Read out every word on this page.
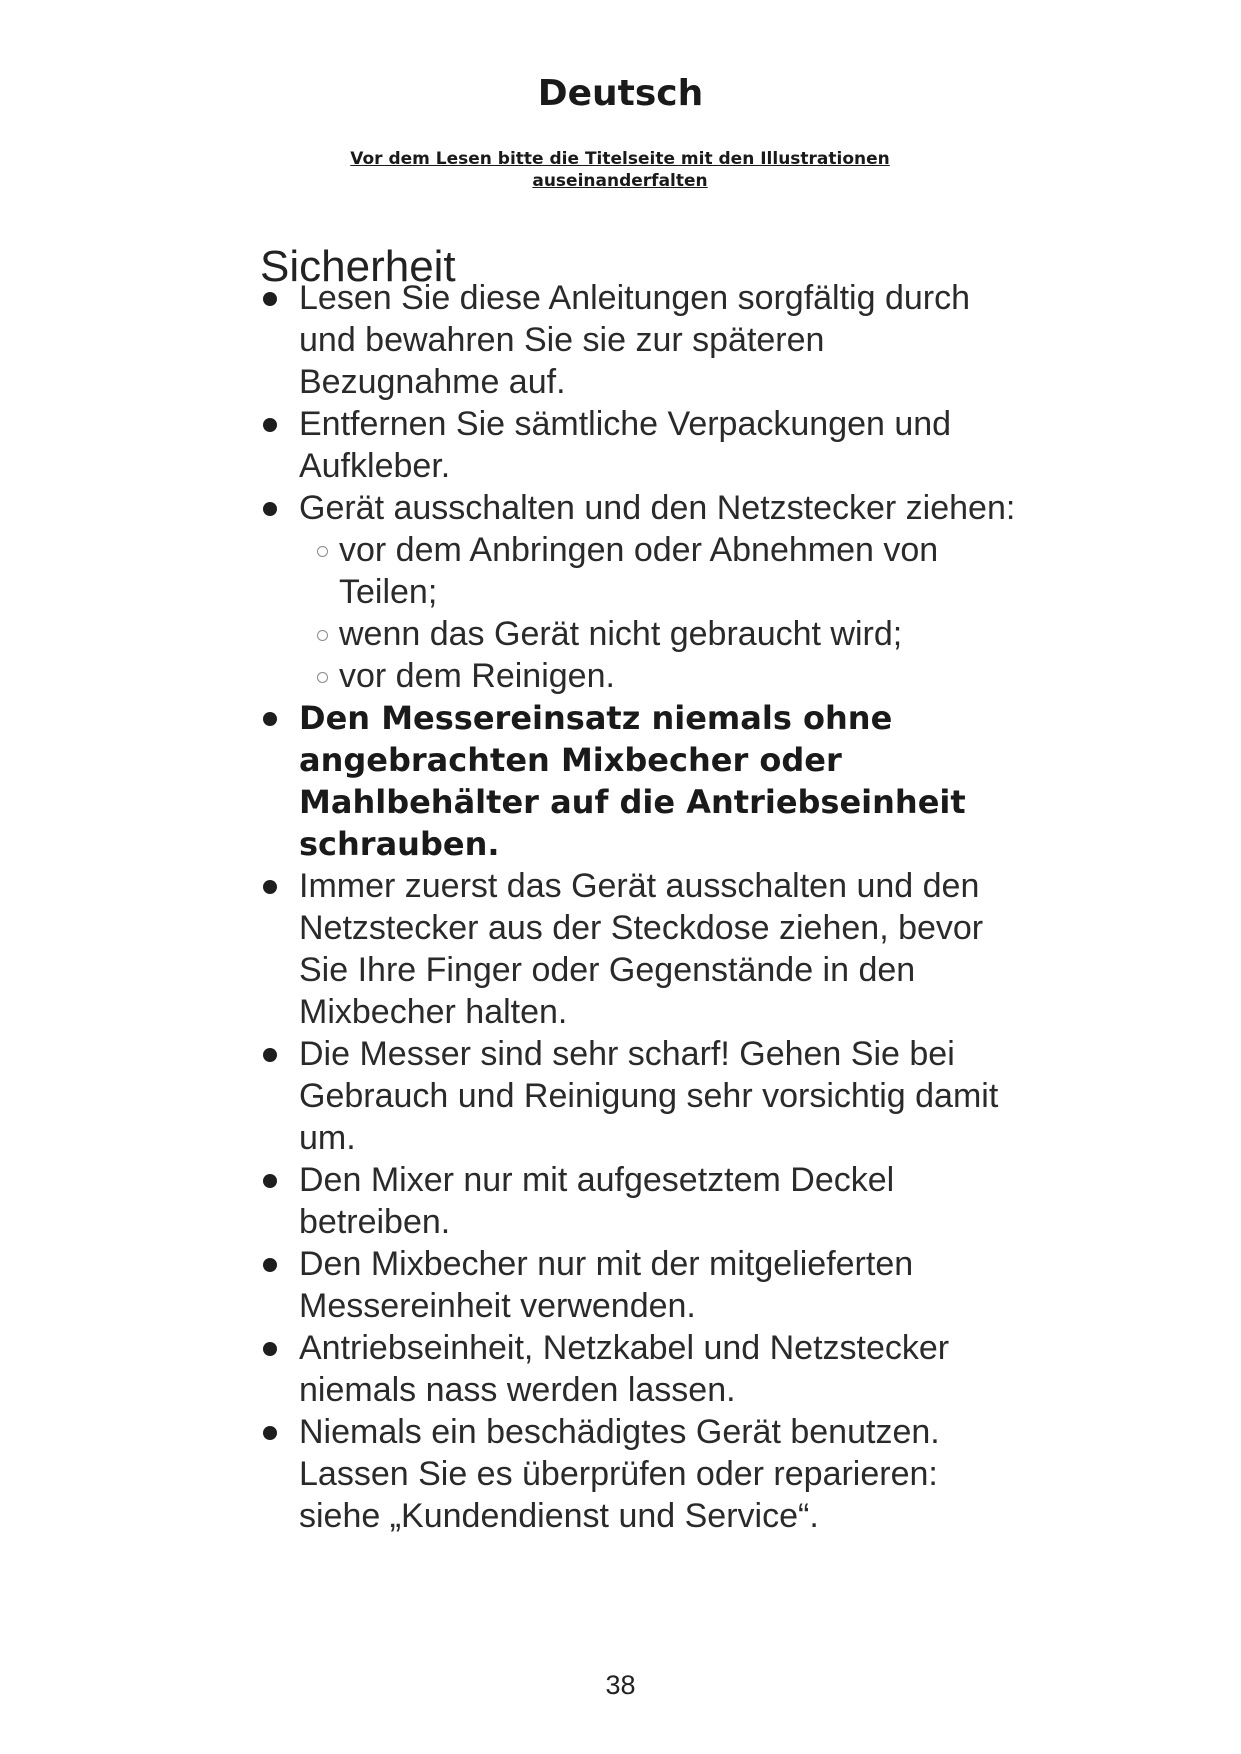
Deutsch
Vor dem Lesen bitte die Titelseite mit den Illustrationen auseinanderfalten
Sicherheit
Lesen Sie diese Anleitungen sorgfältig durch und bewahren Sie sie zur späteren Bezugnahme auf.
Entfernen Sie sämtliche Verpackungen und Aufkleber.
Gerät ausschalten und den Netzstecker ziehen:
vor dem Anbringen oder Abnehmen von Teilen;
wenn das Gerät nicht gebraucht wird;
vor dem Reinigen.
Den Messereinsatz niemals ohne angebrachten Mixbecher oder Mahlbehälter auf die Antriebseinheit schrauben.
Immer zuerst das Gerät ausschalten und den Netzstecker aus der Steckdose ziehen, bevor Sie Ihre Finger oder Gegenstände in den Mixbecher halten.
Die Messer sind sehr scharf! Gehen Sie bei Gebrauch und Reinigung sehr vorsichtig damit um.
Den Mixer nur mit aufgesetztem Deckel betreiben.
Den Mixbecher nur mit der mitgelieferten Messereinheit verwenden.
Antriebseinheit, Netzkabel und Netzstecker niemals nass werden lassen.
Niemals ein beschädigtes Gerät benutzen. Lassen Sie es überprüfen oder reparieren: siehe „Kundendienst und Service“.
38
